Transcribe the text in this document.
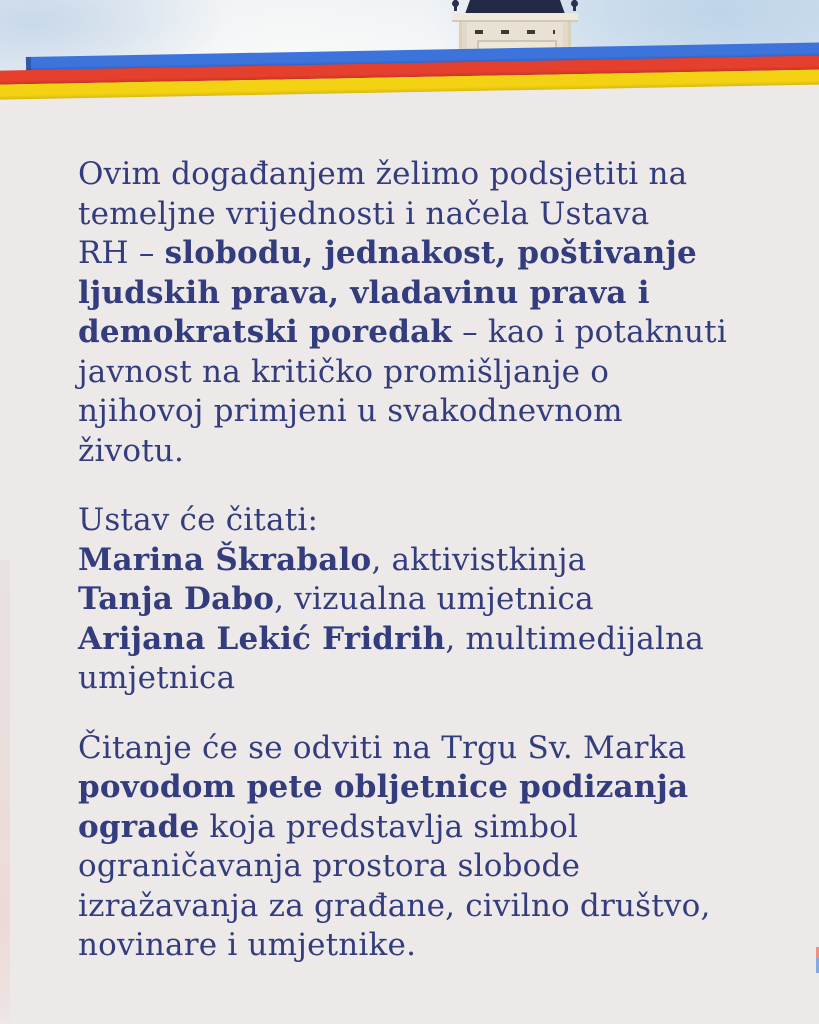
Ovim događanjem želimo podsjetiti na
temeljne vrijednosti i načela Ustava
RH – slobodu, jednakost, poštivanje
ljudskih prava, vladavinu prava i
demokratski poredak – kao i potaknuti
javnost na kritičko promišljanje o
njihovoj primjeni u svakodnevnom
životu.
Ustav će čitati:
Marina Škrabalo, aktivistkinja
Tanja Dabo, vizualna umjetnica
Arijana Lekić Fridrih, multimedijalna
umjetnica
Čitanje će se odviti na Trgu Sv. Marka
povodom pete obljetnice podizanja
ograde koja predstavlja simbol
ograničavanja prostora slobode
izražavanja za građane, civilno društvo,
novinare i umjetnike.
